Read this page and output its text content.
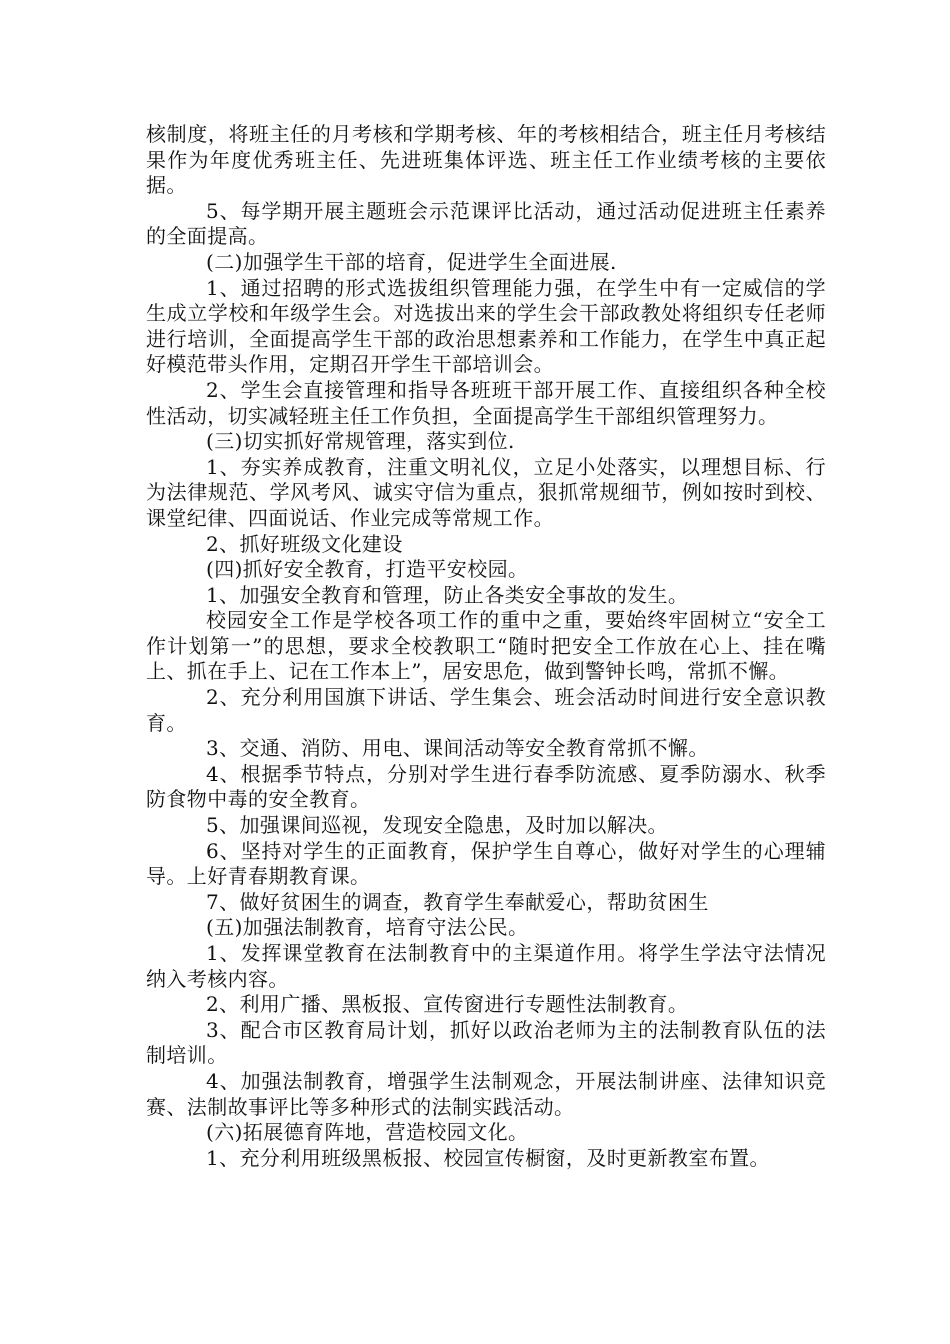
核制度，将班主任的月考核和学期考核、年的考核相结合，班主任月考核结果作为年度优秀班主任、先进班集体评选、班主任工作业绩考核的主要依据。

5、每学期开展主题班会示范课评比活动，通过活动促进班主任素养的全面提高。

(二)加强学生干部的培育，促进学生全面进展.

1、通过招聘的形式选拔组织管理能力强，在学生中有一定威信的学生成立学校和年级学生会。对选拔出来的学生会干部政教处将组织专任老师进行培训，全面提高学生干部的政治思想素养和工作能力，在学生中真正起好模范带头作用，定期召开学生干部培训会。

2、学生会直接管理和指导各班班干部开展工作、直接组织各种全校性活动，切实减轻班主任工作负担，全面提高学生干部组织管理努力。

(三)切实抓好常规管理，落实到位.

1、夯实养成教育，注重文明礼仪，立足小处落实，以理想目标、行为法律规范、学风考风、诚实守信为重点，狠抓常规细节，例如按时到校、课堂纪律、四面说话、作业完成等常规工作。

2、抓好班级文化建设

(四)抓好安全教育，打造平安校园。

1、加强安全教育和管理，防止各类安全事故的发生。

校园安全工作是学校各项工作的重中之重，要始终牢固树立“安全工作计划第一”的思想，要求全校教职工“随时把安全工作放在心上、挂在嘴上、抓在手上、记在工作本上”，居安思危，做到警钟长鸣，常抓不懈。

2、充分利用国旗下讲话、学生集会、班会活动时间进行安全意识教育。

3、交通、消防、用电、课间活动等安全教育常抓不懈。

4、根据季节特点，分别对学生进行春季防流感、夏季防溺水、秋季防食物中毒的安全教育。

5、加强课间巡视，发现安全隐患，及时加以解决。

6、坚持对学生的正面教育，保护学生自尊心，做好对学生的心理辅导。上好青春期教育课。

7、做好贫困生的调查，教育学生奉献爱心，帮助贫困生

(五)加强法制教育，培育守法公民。

1、发挥课堂教育在法制教育中的主渠道作用。将学生学法守法情况纳入考核内容。

2、利用广播、黑板报、宣传窗进行专题性法制教育。

3、配合市区教育局计划，抓好以政治老师为主的法制教育队伍的法制培训。

4、加强法制教育，增强学生法制观念，开展法制讲座、法律知识竞赛、法制故事评比等多种形式的法制实践活动。

(六)拓展德育阵地，营造校园文化。

1、充分利用班级黑板报、校园宣传橱窗，及时更新教室布置。
